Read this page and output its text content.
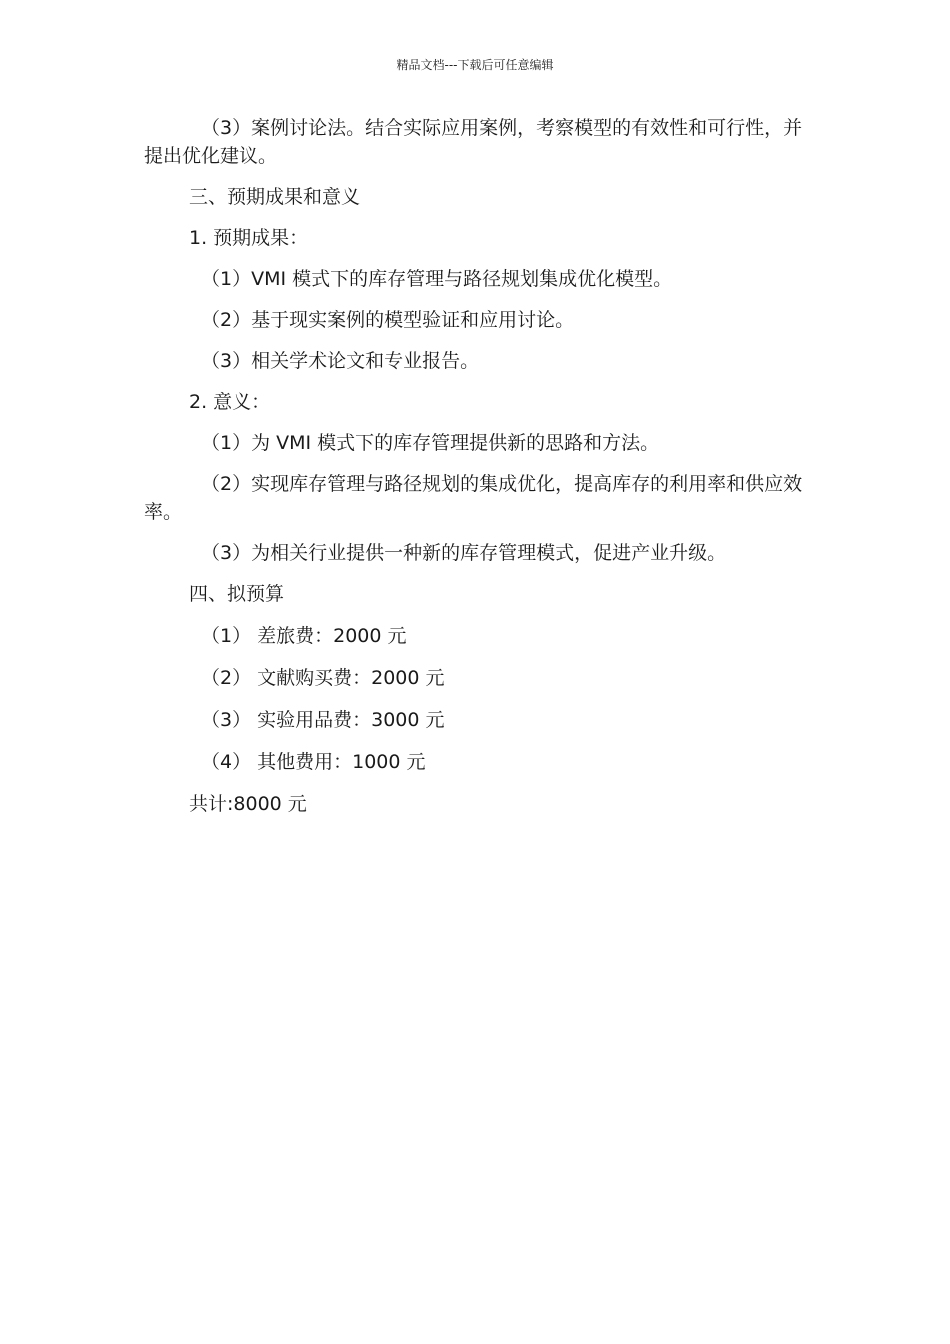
精品文档---下载后可任意编辑

（3）案例讨论法。结合实际应用案例，考察模型的有效性和可行性，并提出优化建议。

三、预期成果和意义

1. 预期成果：

（1）VMI 模式下的库存管理与路径规划集成优化模型。

（2）基于现实案例的模型验证和应用讨论。

（3）相关学术论文和专业报告。

2. 意义：

（1）为 VMI 模式下的库存管理提供新的思路和方法。

（2）实现库存管理与路径规划的集成优化，提高库存的利用率和供应效率。

（3）为相关行业提供一种新的库存管理模式，促进产业升级。

四、拟预算

（1） 差旅费：2000 元

（2） 文献购买费：2000 元

（3） 实验用品费：3000 元

（4） 其他费用：1000 元

共计:8000 元
